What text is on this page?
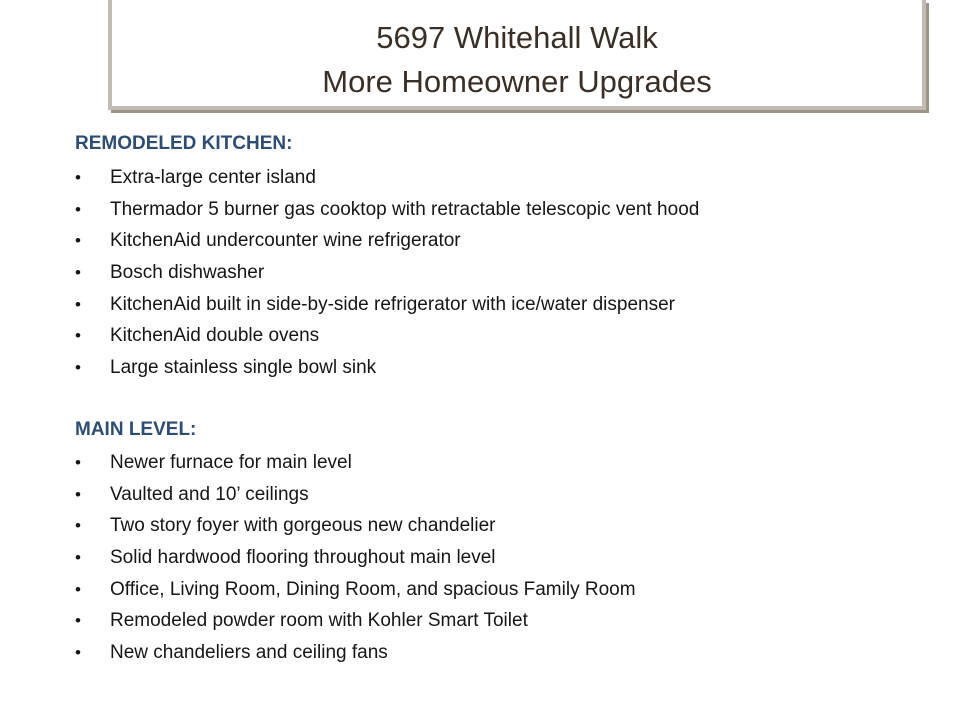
5697 Whitehall Walk
More Homeowner Upgrades
REMODELED KITCHEN:
•	Extra-large center island
•	Thermador 5 burner gas cooktop with retractable telescopic vent hood
•	KitchenAid undercounter wine refrigerator
•	Bosch dishwasher
•	KitchenAid built in side-by-side refrigerator with ice/water dispenser
•	KitchenAid double ovens
•	Large stainless single bowl sink
MAIN LEVEL:
•	Newer furnace for main level
•	Vaulted and 10’ ceilings
•	Two story foyer with gorgeous new chandelier
•	Solid hardwood flooring throughout main level
•	Office, Living Room, Dining Room, and spacious Family Room
•	Remodeled powder room with Kohler Smart Toilet
•	New chandeliers and ceiling fans
